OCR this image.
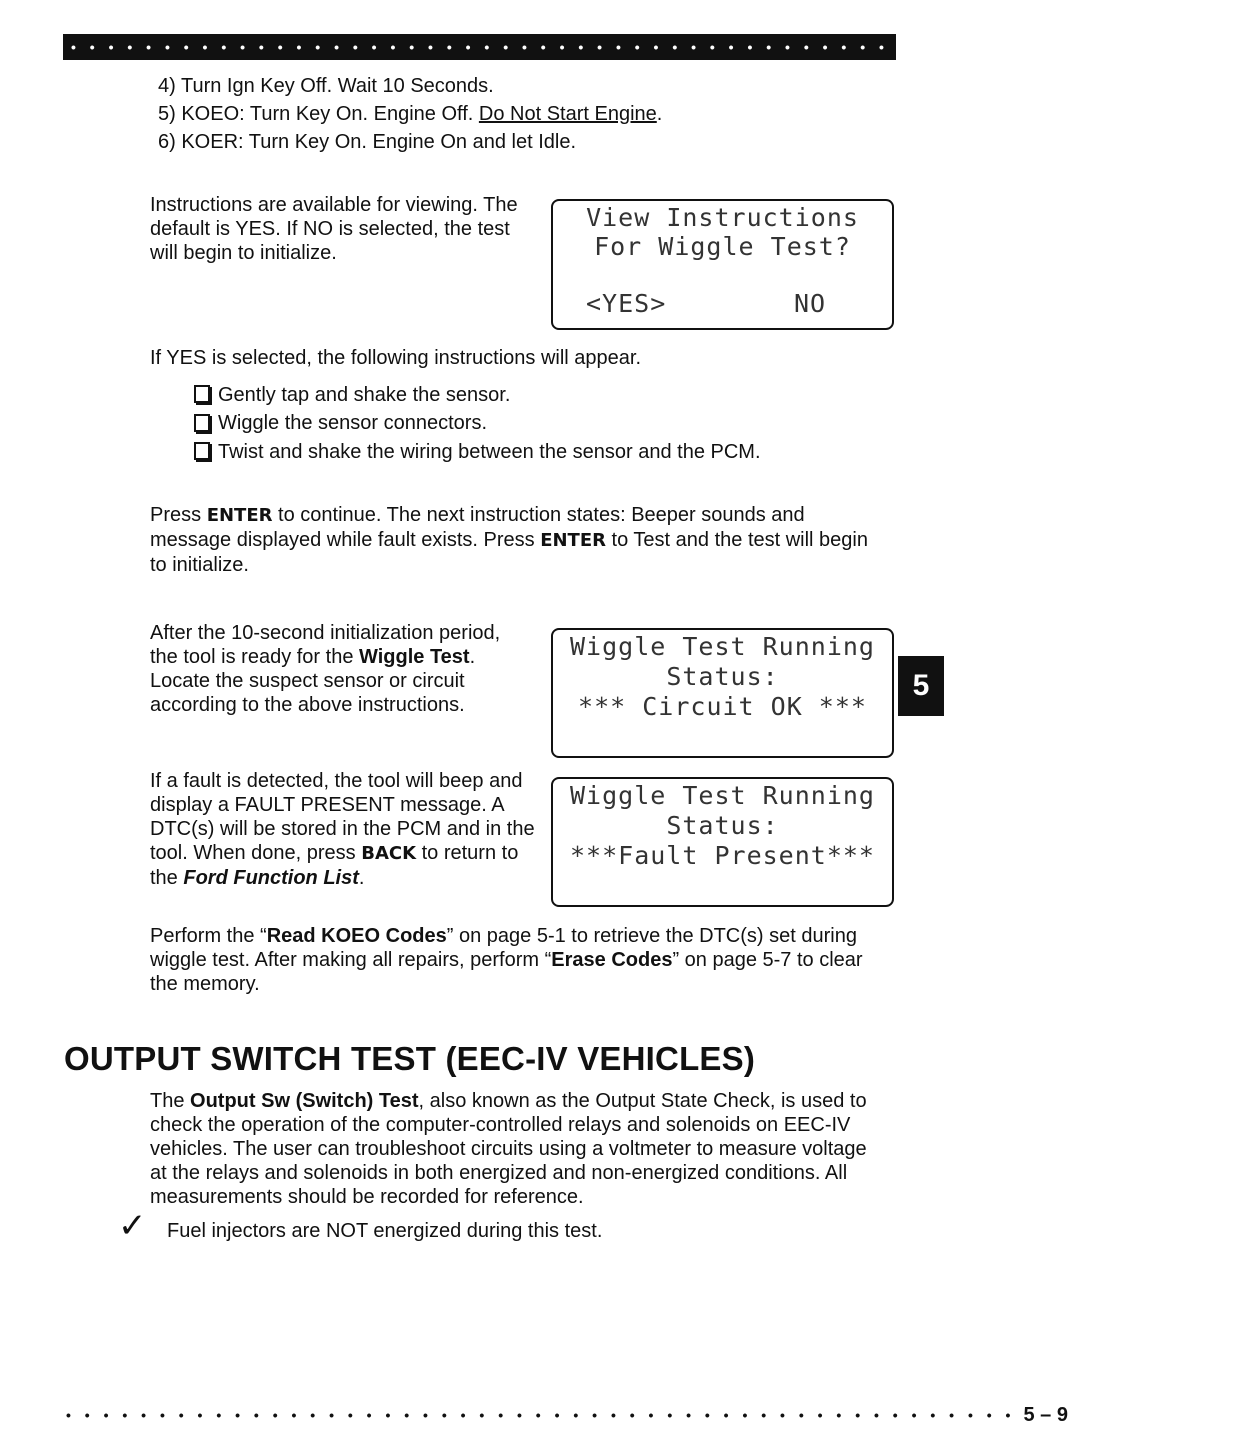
• • • • • • • • • • • • • • • • • • • • • • • • • • • • • • • • • • • • • • • • • • • • • • • • • • • Ford Historic Diagnostics
4) Turn Ign Key Off. Wait 10 Seconds.
5) KOEO: Turn Key On. Engine Off. Do Not Start Engine.
6) KOER: Turn Key On. Engine On and let Idle.
Instructions are available for viewing. The
default is YES. If NO is selected, the test
will begin to initialize.

View Instructions

For Wiggle Test?

<YES>

	NO

If YES is selected, the following instructions will appear.
Gently tap and shake the sensor.
Wiggle the sensor connectors.
Twist and shake the wiring between the sensor and the PCM.
Press ENTER to continue. The next instruction states: Beeper sounds and
message displayed while fault exists. Press ENTER to Test and the test will begin
to initialize.
After the 10-second initialization period,
the tool is ready for the Wiggle Test.
Locate the suspect sensor or circuit
according to the above instructions.

Wiggle Test Running

Status:

*** Circuit OK ***

5
If a fault is detected, the tool will beep and
display a FAULT PRESENT message. A
DTC(s) will be stored in the PCM and in the
tool. When done, press BACK to return to
the Ford Function List.

Wiggle Test Running

Status:

***Fault Present***

Perform the “Read KOEO Codes” on page 5-1 to retrieve the DTC(s) set during
wiggle test. After making all repairs, perform “Erase Codes” on page 5-7 to clear
the memory.
OUTPUT SWITCH TEST (EEC-IV VEHICLES)
The Output Sw (Switch) Test, also known as the Output State Check, is used to
check the operation of the computer-controlled relays and solenoids on EEC-IV
vehicles. The user can troubleshoot circuits using a voltmeter to measure voltage
at the relays and solenoids in both energized and non-energized conditions. All
measurements should be recorded for reference.
✓ Fuel injectors are NOT energized during this test.
• • • • • • • • • • • • • • • • • • • • • • • • • • • • • • • • • • • • • • • • • • • • • • • • • • • 5 – 9
